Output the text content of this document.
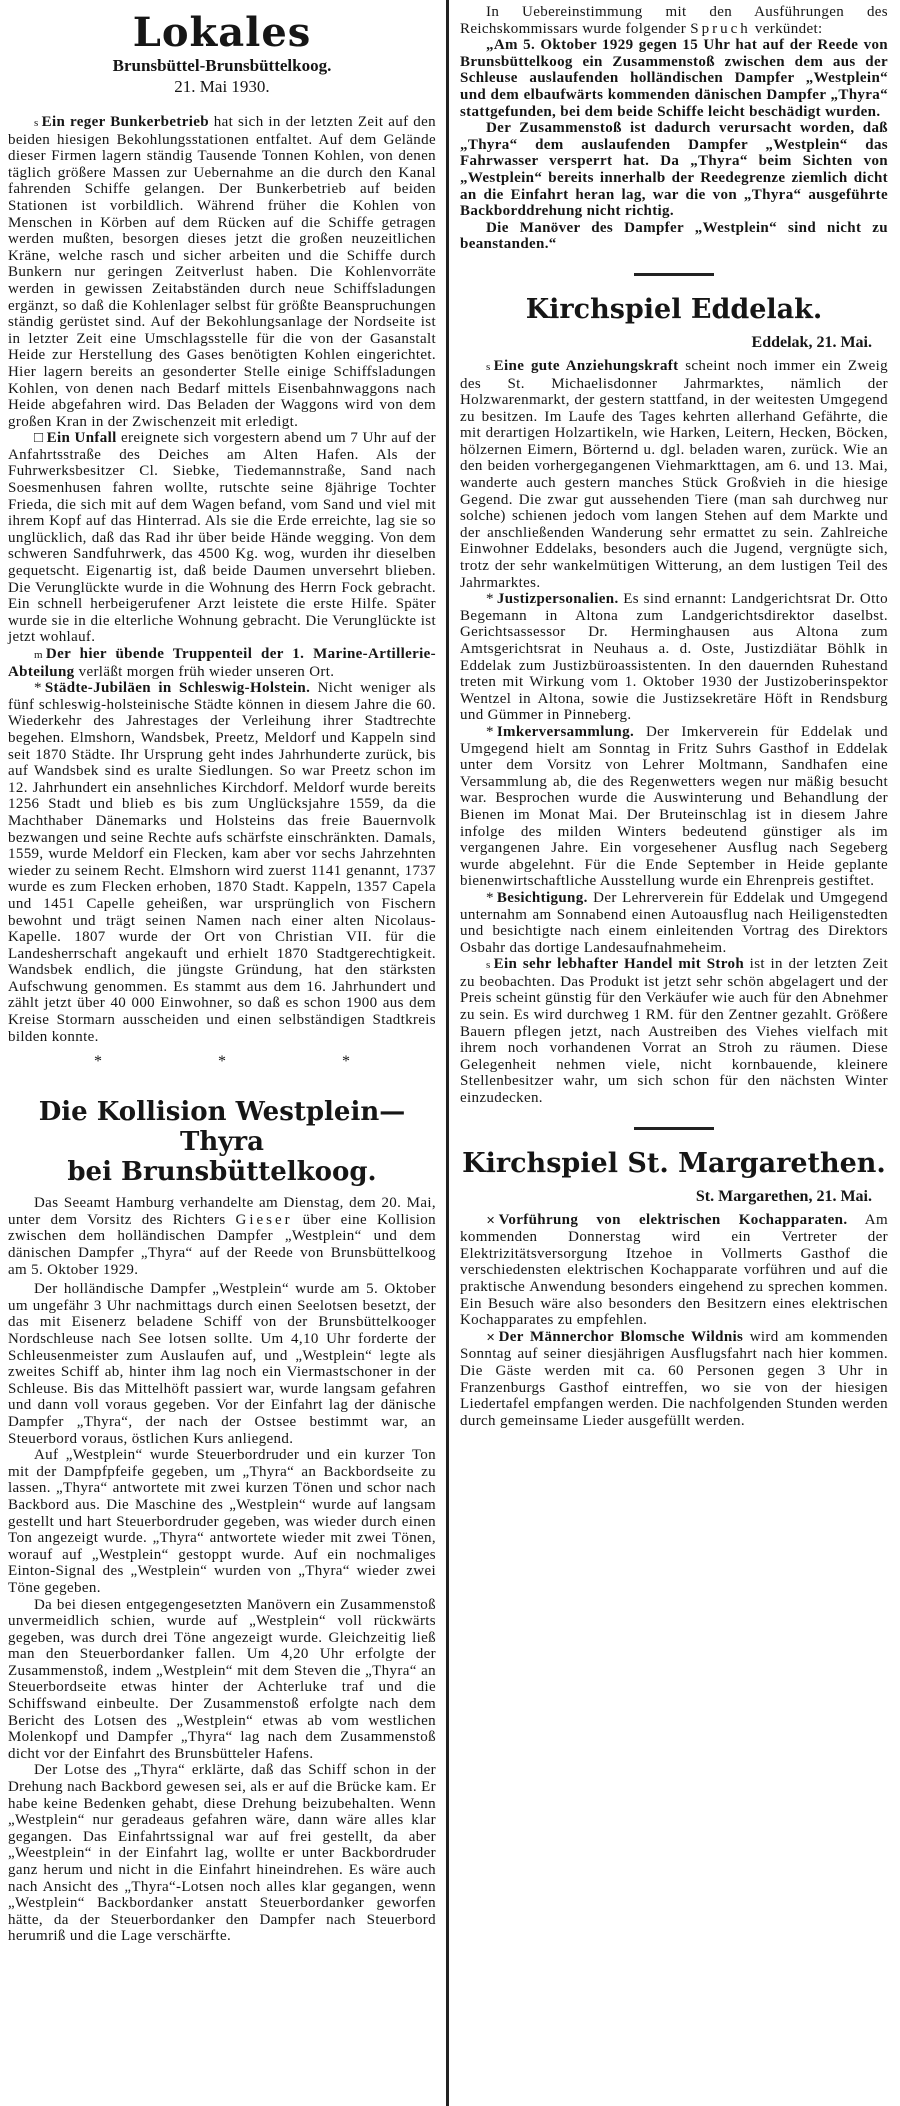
Lokales
Brunsbüttel-Brunsbüttelkoog.
21. Mai 1930.

s Ein reger Bunkerbetrieb hat sich in der letzten Zeit auf den beiden hiesigen Bekohlungsstationen entfaltet. Auf dem Gelände dieser Firmen lagern ständig Tausende Tonnen Kohlen, von denen täglich größere Massen zur Uebernahme an die durch den Kanal fahrenden Schiffe gelangen. Der Bunkerbetrieb auf beiden Stationen ist vorbildlich. Während früher die Kohlen von Menschen in Körben auf dem Rücken auf die Schiffe getragen werden mußten, besorgen dieses jetzt die großen neuzeitlichen Kräne, welche rasch und sicher arbeiten und die Schiffe durch Bunkern nur geringen Zeitverlust haben. Die Kohlenvorräte werden in gewissen Zeitabständen durch neue Schiffsladungen ergänzt, so daß die Kohlenlager selbst für größte Beanspruchungen ständig gerüstet sind. Auf der Bekohlungsanlage der Nordseite ist in letzter Zeit eine Umschlagsstelle für die von der Gasanstalt Heide zur Herstellung des Gases benötigten Kohlen eingerichtet. Hier lagern bereits an gesonderter Stelle einige Schiffsladungen Kohlen, von denen nach Bedarf mittels Eisenbahnwaggons nach Heide abgefahren wird. Das Beladen der Waggons wird von dem großen Kran in der Zwischenzeit mit erledigt.

□ Ein Unfall ereignete sich vorgestern abend um 7 Uhr auf der Anfahrtsstraße des Deiches am Alten Hafen. Als der Fuhrwerksbesitzer Cl. Siebke, Tiedemannstraße, Sand nach Soesmenhusen fahren wollte, rutschte seine 8jährige Tochter Frieda, die sich mit auf dem Wagen befand, vom Sand und viel mit ihrem Kopf auf das Hinterrad. Als sie die Erde erreichte, lag sie so unglücklich, daß das Rad ihr über beide Hände wegging. Von dem schweren Sandfuhrwerk, das 4500 Kg. wog, wurden ihr dieselben gequetscht. Eigenartig ist, daß beide Daumen unversehrt blieben. Die Verunglückte wurde in die Wohnung des Herrn Fock gebracht. Ein schnell herbeigerufener Arzt leistete die erste Hilfe. Später wurde sie in die elterliche Wohnung gebracht. Die Verunglückte ist jetzt wohlauf.

m Der hier übende Truppenteil der 1. Marine-Artillerie-Abteilung verläßt morgen früh wieder unseren Ort.

* Städte-Jubiläen in Schleswig-Holstein. Nicht weniger als fünf schleswig-holsteinische Städte können in diesem Jahre die 60. Wiederkehr des Jahrestages der Verleihung ihrer Stadtrechte begehen. Elmshorn, Wandsbek, Preetz, Meldorf und Kappeln sind seit 1870 Städte. Ihr Ursprung geht indes Jahrhunderte zurück, bis auf Wandsbek sind es uralte Siedlungen. So war Preetz schon im 12. Jahrhundert ein ansehnliches Kirchdorf. Meldorf wurde bereits 1256 Stadt und blieb es bis zum Unglücksjahre 1559, da die Machthaber Dänemarks und Holsteins das freie Bauernvolk bezwangen und seine Rechte aufs schärfste einschränkten. Damals, 1559, wurde Meldorf ein Flecken, kam aber vor sechs Jahrzehnten wieder zu seinem Recht. Elmshorn wird zuerst 1141 genannt, 1737 wurde es zum Flecken erhoben, 1870 Stadt. Kappeln, 1357 Capela und 1451 Capelle geheißen, war ursprünglich von Fischern bewohnt und trägt seinen Namen nach einer alten Nicolaus-Kapelle. 1807 wurde der Ort von Christian VII. für die Landesherrschaft angekauft und erhielt 1870 Stadtgerechtigkeit. Wandsbek endlich, die jüngste Gründung, hat den stärksten Aufschwung genommen. Es stammt aus dem 16. Jahrhundert und zählt jetzt über 40 000 Einwohner, so daß es schon 1900 aus dem Kreise Stormarn ausscheiden und einen selbständigen Stadtkreis bilden konnte.

* * *
Die Kollision Westplein—Thyra
bei Brunsbüttelkoog.

Das Seeamt Hamburg verhandelte am Dienstag, dem 20. Mai, unter dem Vorsitz des Richters Gieser über eine Kollision zwischen dem holländischen Dampfer „Westplein“ und dem dänischen Dampfer „Thyra“ auf der Reede von Brunsbüttelkoog am 5. Oktober 1929.

Der holländische Dampfer „Westplein“ wurde am 5. Oktober um ungefähr 3 Uhr nachmittags durch einen Seelotsen besetzt, der das mit Eisenerz beladene Schiff von der Brunsbüttelkooger Nordschleuse nach See lotsen sollte. Um 4,10 Uhr forderte der Schleusenmeister zum Auslaufen auf, und „Westplein“ legte als zweites Schiff ab, hinter ihm lag noch ein Viermastschoner in der Schleuse. Bis das Mittelhöft passiert war, wurde langsam gefahren und dann voll voraus gegeben. Vor der Einfahrt lag der dänische Dampfer „Thyra“, der nach der Ostsee bestimmt war, an Steuerbord voraus, östlichen Kurs anliegend.

Auf „Westplein“ wurde Steuerbordruder und ein kurzer Ton mit der Dampfpfeife gegeben, um „Thyra“ an Backbordseite zu lassen. „Thyra“ antwortete mit zwei kurzen Tönen und schor nach Backbord aus. Die Maschine des „Westplein“ wurde auf langsam gestellt und hart Steuerbordruder gegeben, was wieder durch einen Ton angezeigt wurde. „Thyra“ antwortete wieder mit zwei Tönen, worauf auf „Westplein“ gestoppt wurde. Auf ein nochmaliges Einton-Signal des „Westplein“ wurden von „Thyra“ wieder zwei Töne gegeben.

Da bei diesen entgegengesetzten Manövern ein Zusammenstoß unvermeidlich schien, wurde auf „Westplein“ voll rückwärts gegeben, was durch drei Töne angezeigt wurde. Gleichzeitig ließ man den Steuerbordanker fallen. Um 4,20 Uhr erfolgte der Zusammenstoß, indem „Westplein“ mit dem Steven die „Thyra“ an Steuerbordseite etwas hinter der Achterluke traf und die Schiffswand einbeulte. Der Zusammenstoß erfolgte nach dem Bericht des Lotsen des „Westplein“ etwas ab vom westlichen Molenkopf und Dampfer „Thyra“ lag nach dem Zusammenstoß dicht vor der Einfahrt des Brunsbütteler Hafens.

Der Lotse des „Thyra“ erklärte, daß das Schiff schon in der Drehung nach Backbord gewesen sei, als er auf die Brücke kam. Er habe keine Bedenken gehabt, diese Drehung beizubehalten. Wenn „Westplein“ nur geradeaus gefahren wäre, dann wäre alles klar gegangen. Das Einfahrtssignal war auf frei gestellt, da aber „Weestplein“ in der Einfahrt lag, wollte er unter Backbordruder ganz herum und nicht in die Einfahrt hineindrehen. Es wäre auch nach Ansicht des „Thyra“-Lotsen noch alles klar gegangen, wenn „Westplein“ Backbordanker anstatt Steuerbordanker geworfen hätte, da der Steuerbordanker den Dampfer nach Steuerbord herumriß und die Lage verschärfte.

In Uebereinstimmung mit den Ausführungen des Reichskommissars wurde folgender Spruch verkündet:

„Am 5. Oktober 1929 gegen 15 Uhr hat auf der Reede von Brunsbüttelkoog ein Zusammenstoß zwischen dem aus der Schleuse auslaufenden holländischen Dampfer „Westplein“ und dem elbaufwärts kommenden dänischen Dampfer „Thyra“ stattgefunden, bei dem beide Schiffe leicht beschädigt wurden.

Der Zusammenstoß ist dadurch verursacht worden, daß „Thyra“ dem auslaufenden Dampfer „Westplein“ das Fahrwasser versperrt hat. Da „Thyra“ beim Sichten von „Westplein“ bereits innerhalb der Reedegrenze ziemlich dicht an die Einfahrt heran lag, war die von „Thyra“ ausgeführte Backborddrehung nicht richtig.

Die Manöver des Dampfer „Westplein“ sind nicht zu beanstanden.“

Kirchspiel Eddelak.
Eddelak, 21. Mai.

s Eine gute Anziehungskraft scheint noch immer ein Zweig des St. Michaelisdonner Jahrmarktes, nämlich der Holzwarenmarkt, der gestern stattfand, in der weitesten Umgegend zu besitzen. Im Laufe des Tages kehrten allerhand Gefährte, die mit derartigen Holzartikeln, wie Harken, Leitern, Hecken, Böcken, hölzernen Eimern, Börternd u. dgl. beladen waren, zurück. Wie an den beiden vorhergegangenen Viehmarkttagen, am 6. und 13. Mai, wanderte auch gestern manches Stück Großvieh in die hiesige Gegend. Die zwar gut aussehenden Tiere (man sah durchweg nur solche) schienen jedoch vom langen Stehen auf dem Markte und der anschließenden Wanderung sehr ermattet zu sein. Zahlreiche Einwohner Eddelaks, besonders auch die Jugend, vergnügte sich, trotz der sehr wankelmütigen Witterung, an dem lustigen Teil des Jahrmarktes.

* Justizpersonalien. Es sind ernannt: Landgerichtsrat Dr. Otto Begemann in Altona zum Landgerichtsdirektor daselbst. Gerichtsassessor Dr. Herminghausen aus Altona zum Amtsgerichtsrat in Neuhaus a. d. Oste, Justizdiätar Böhlk in Eddelak zum Justizbüroassistenten. In den dauernden Ruhestand treten mit Wirkung vom 1. Oktober 1930 der Justizoberinspektor Wentzel in Altona, sowie die Justizsekretäre Höft in Rendsburg und Gümmer in Pinneberg.

* Imkerversammlung. Der Imkerverein für Eddelak und Umgegend hielt am Sonntag in Fritz Suhrs Gasthof in Eddelak unter dem Vorsitz von Lehrer Moltmann, Sandhafen eine Versammlung ab, die des Regenwetters wegen nur mäßig besucht war. Besprochen wurde die Auswinterung und Behandlung der Bienen im Monat Mai. Der Bruteinschlag ist in diesem Jahre infolge des milden Winters bedeutend günstiger als im vergangenen Jahre. Ein vorgesehener Ausflug nach Segeberg wurde abgelehnt. Für die Ende September in Heide geplante bienenwirtschaftliche Ausstellung wurde ein Ehrenpreis gestiftet.

* Besichtigung. Der Lehrerverein für Eddelak und Umgegend unternahm am Sonnabend einen Autoausflug nach Heiligenstedten und besichtigte nach einem einleitenden Vortrag des Direktors Osbahr das dortige Landesaufnahmeheim.

s Ein sehr lebhafter Handel mit Stroh ist in der letzten Zeit zu beobachten. Das Produkt ist jetzt sehr schön abgelagert und der Preis scheint günstig für den Verkäufer wie auch für den Abnehmer zu sein. Es wird durchweg 1 RM. für den Zentner gezahlt. Größere Bauern pflegen jetzt, nach Austreiben des Viehes vielfach mit ihrem noch vorhandenen Vorrat an Stroh zu räumen. Diese Gelegenheit nehmen viele, nicht kornbauende, kleinere Stellenbesitzer wahr, um sich schon für den nächsten Winter einzudecken.

Kirchspiel St. Margarethen.
St. Margarethen, 21. Mai.

✕ Vorführung von elektrischen Kochapparaten. Am kommenden Donnerstag wird ein Vertreter der Elektrizitätsversorgung Itzehoe in Vollmerts Gasthof die verschiedensten elektrischen Kochapparate vorführen und auf die praktische Anwendung besonders eingehend zu sprechen kommen. Ein Besuch wäre also besonders den Besitzern eines elektrischen Kochapparates zu empfehlen.

✕ Der Männerchor Blomsche Wildnis wird am kommenden Sonntag auf seiner diesjährigen Ausflugsfahrt nach hier kommen. Die Gäste werden mit ca. 60 Personen gegen 3 Uhr in Franzenburgs Gasthof eintreffen, wo sie von der hiesigen Liedertafel empfangen werden. Die nachfolgenden Stunden werden durch gemeinsame Lieder ausgefüllt werden.
